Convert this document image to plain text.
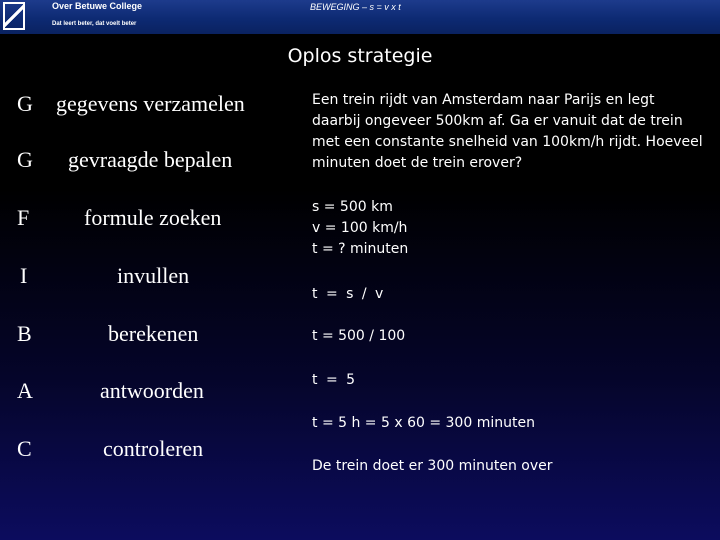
Over Betuwe College
Dat leert beter, dat voelt beter
BEWEGING – s = v x t
Oplos strategie
G gegevens verzamelen
G gevraagde bepalen
F formule zoeken
I	invullen
B	berekenen
A	antwoorden
C	controleren
Een trein rijdt van Amsterdam naar Parijs en legt daarbij ongeveer 500km af. Ga er vanuit dat de trein met een constante snelheid van 100km/h rijdt. Hoeveel minuten doet de trein erover?
s = 500 km
v = 100 km/h
t = ? minuten
t = s / v
t = 500 / 100
t = 5
t = 5 h = 5 x 60 = 300 minuten
De trein doet er 300 minuten over
